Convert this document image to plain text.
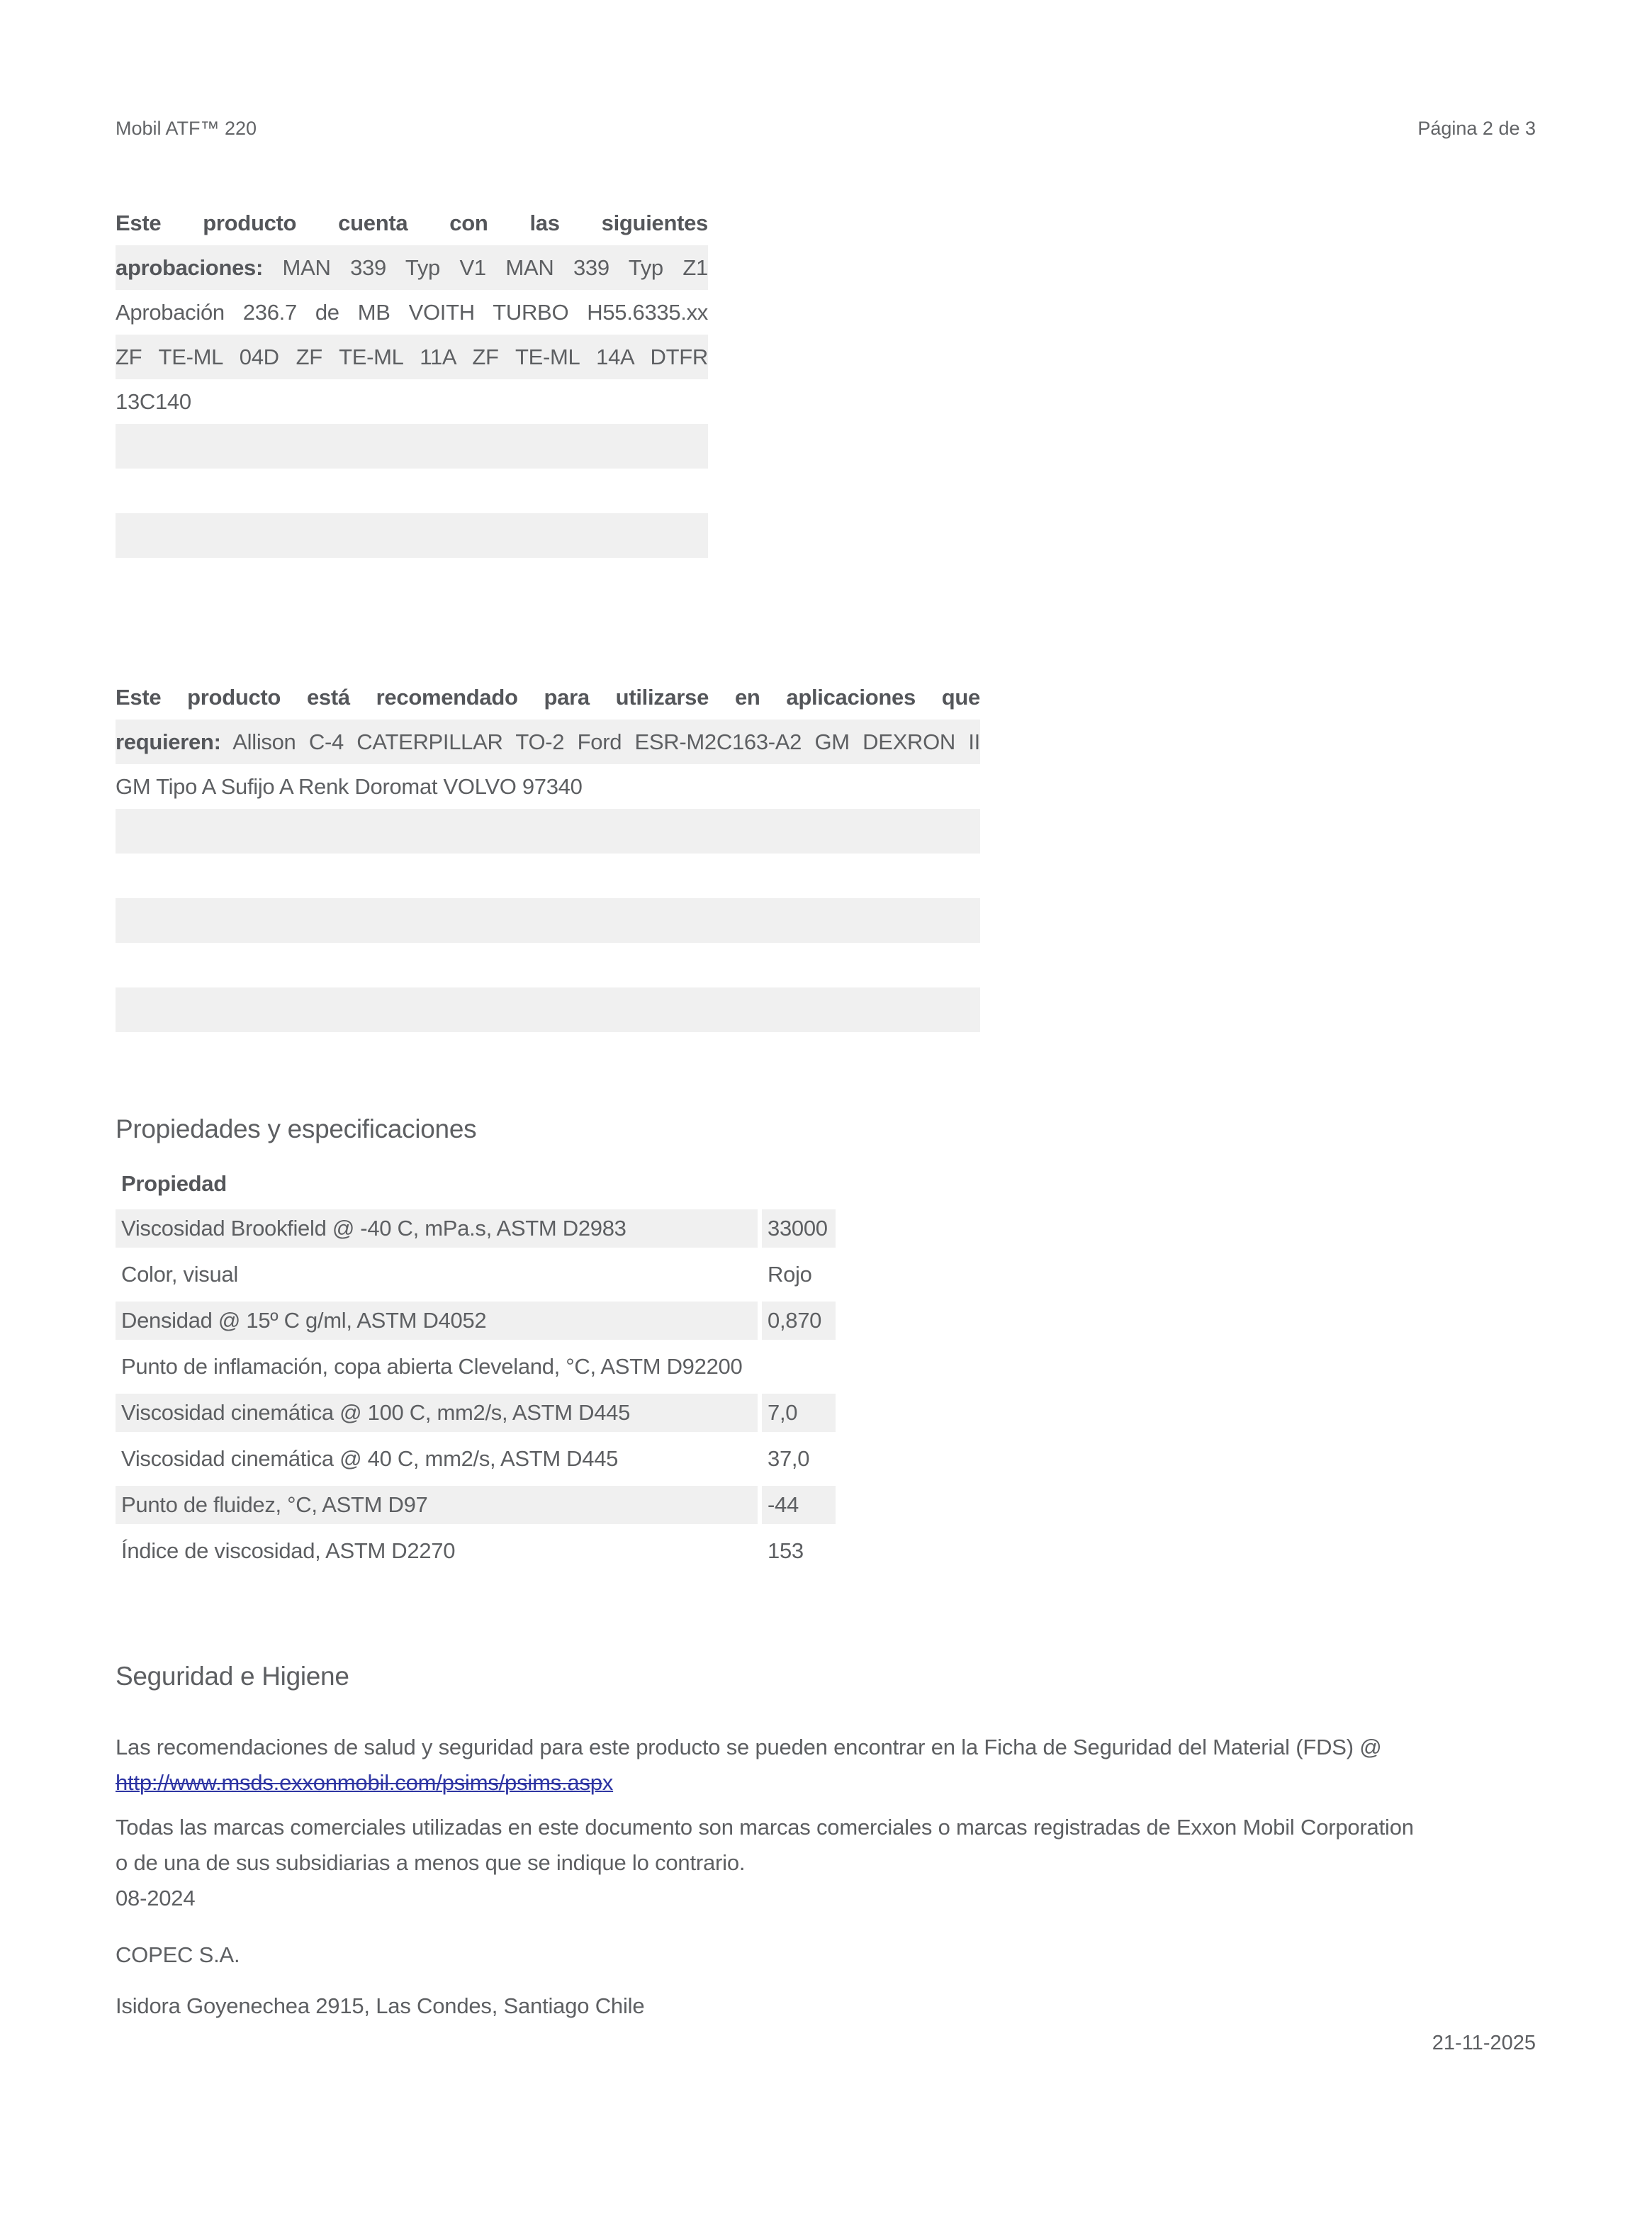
Mobil ATF™ 220	Página 2 de 3
Este producto cuenta con las siguientes
aprobaciones: MAN 339 Typ V1 MAN 339 Typ Z1
Aprobación 236.7 de MB VOITH TURBO H55.6335.xx
ZF TE-ML 04D ZF TE-ML 11A ZF TE-ML 14A DTFR
13C140
Este producto está recomendado para utilizarse en aplicaciones que
requieren: Allison C-4 CATERPILLAR TO-2 Ford ESR-M2C163-A2 GM DEXRON II
GM Tipo A Sufijo A Renk Doromat VOLVO 97340
Propiedades y especificaciones
Propiedad
Viscosidad Brookfield @ -40 C, mPa.s, ASTM D2983	33000
Color, visual	Rojo
Densidad @ 15º C g/ml, ASTM D4052	0,870
Punto de inflamación, copa abierta Cleveland, °C, ASTM D92 200
Viscosidad cinemática @ 100 C, mm2/s, ASTM D445	7,0
Viscosidad cinemática @ 40 C, mm2/s, ASTM D445	37,0
Punto de fluidez, °C, ASTM D97	-44
Índice de viscosidad, ASTM D2270	153
Seguridad e Higiene
Las recomendaciones de salud y seguridad para este producto se pueden encontrar en la Ficha de Seguridad del Material (FDS) @
http://www.msds.exxonmobil.com/psims/psims.aspx
Todas las marcas comerciales utilizadas en este documento son marcas comerciales o marcas registradas de Exxon Mobil Corporation
o de una de sus subsidiarias a menos que se indique lo contrario.
08-2024
COPEC S.A.
Isidora Goyenechea 2915, Las Condes, Santiago Chile
21-11-2025
